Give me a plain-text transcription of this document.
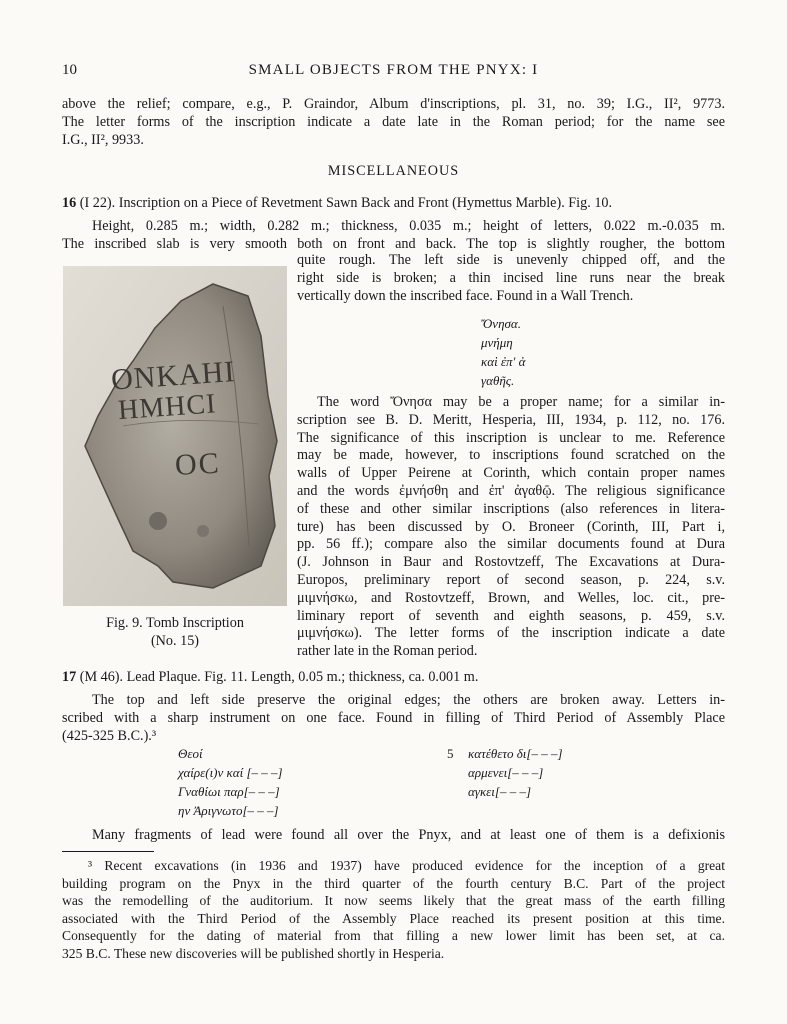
10	SMALL OBJECTS FROM THE PNYX: I
above the relief; compare, e.g., P. Graindor, Album d'inscriptions, pl. 31, no. 39; I.G., II², 9773.
The letter forms of the inscription indicate a date late in the Roman period; for the name see
I.G., II², 9933.
MISCELLANEOUS
16 (I 22). Inscription on a Piece of Revetment Sawn Back and Front (Hymettus Marble). Fig. 10.
Height, 0.285 m.; width, 0.282 m.; thickness, 0.035 m.; height of letters, 0.022 m.-0.035 m.
The inscribed slab is very smooth both on front and back. The top is slightly rougher, the bottom
quite rough. The left side is unevenly chipped off, and the
right side is broken; a thin incised line runs near the break
vertically down the inscribed face. Found in a Wall Trench.
Ὄνησα.
μνήμη
καὶ ἐπ' ἀ
γαθῆς.
ΟΝΚΑΗΙ
ΗΜΗCΙ
ΟC
Fig. 9. Tomb Inscription
(No. 15)
The word Ὄνησα may be a proper name; for a similar in-
scription see B. D. Meritt, Hesperia, III, 1934, p. 112, no. 176.
The significance of this inscription is unclear to me. Reference
may be made, however, to inscriptions found scratched on the
walls of Upper Peirene at Corinth, which contain proper names
and the words ἐμνήσθη and ἐπ' ἀγαθῷ. The religious significance
of these and other similar inscriptions (also references in litera-
ture) has been discussed by O. Broneer (Corinth, III, Part i,
pp. 56 ff.); compare also the similar documents found at Dura
(J. Johnson in Baur and Rostovtzeff, The Excavations at Dura-
Europos, preliminary report of second season, p. 224, s.v.
μιμνήσκω, and Rostovtzeff, Brown, and Welles, loc. cit., pre-
liminary report of seventh and eighth seasons, p. 459, s.v.
μιμνήσκω). The letter forms of the inscription indicate a date
rather late in the Roman period.
17 (M 46). Lead Plaque. Fig. 11. Length, 0.05 m.; thickness, ca. 0.001 m.
The top and left side preserve the original edges; the others are broken away. Letters in-
scribed with a sharp instrument on one face. Found in filling of Third Period of Assembly Place
(425-325 B.C.).³
Θεοί
χαίρε(ι)ν καί [– – –]
Γναθίωι παρ[– – –]
ην Ἀριγνωτο[– – –]
5 κατέθετο δι[– – –]
αρμενει[– – –]
αγκει[– – –]
Many fragments of lead were found all over the Pnyx, and at least one of them is a defixionis
³ Recent excavations (in 1936 and 1937) have produced evidence for the inception of a great
building program on the Pnyx in the third quarter of the fourth century B.C. Part of the project
was the remodelling of the auditorium. It now seems likely that the great mass of the earth filling
associated with the Third Period of the Assembly Place reached its present position at this time.
Consequently for the dating of material from that filling a new lower limit has been set, at ca.
325 B.C. These new discoveries will be published shortly in Hesperia.
